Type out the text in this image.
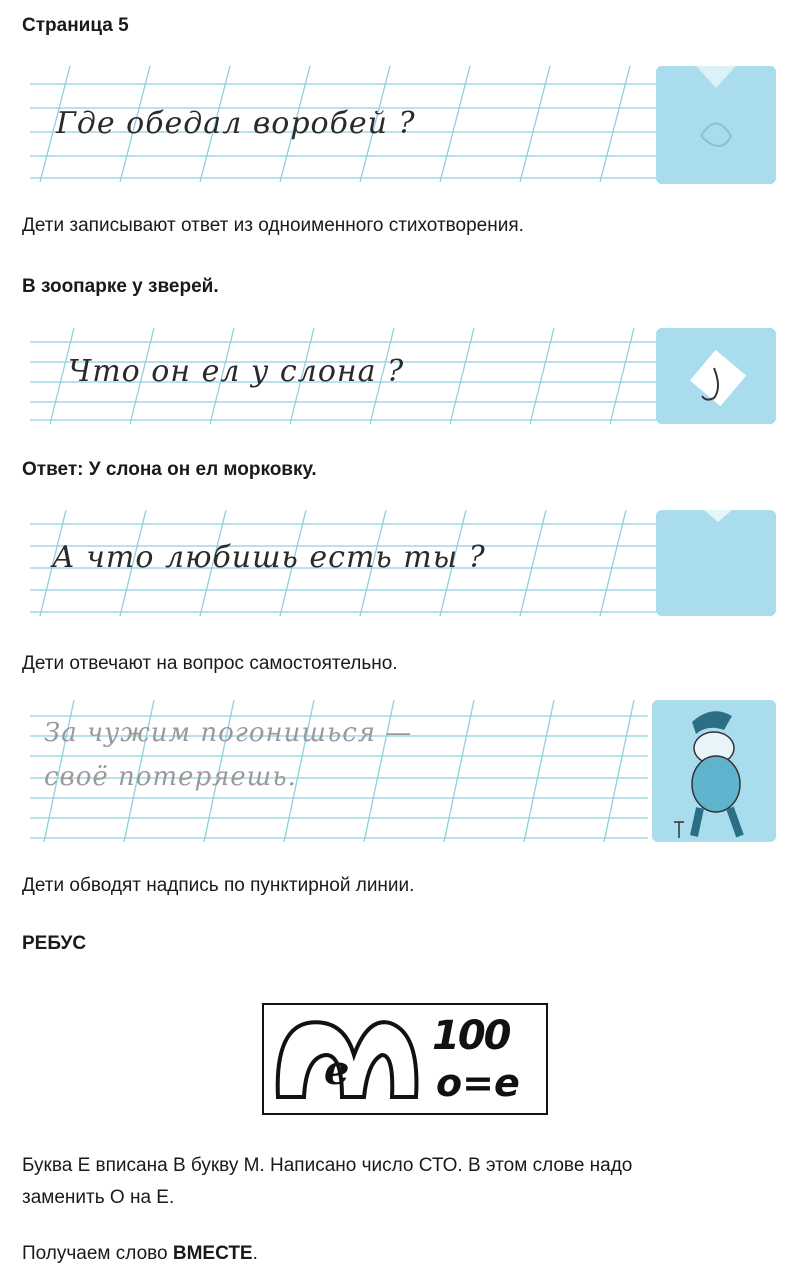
Страница 5
Где обедал воробей ?
Дети записывают ответ из одноименного стихотворения.
В зоопарке у зверей.
Что он ел у слона ?
Ответ: У слона он ел морковку.
А что любишь есть ты ?
Дети отвечают на вопрос самостоятельно.
За чужим погонишься —
своё потеряешь.
Дети обводят надпись по пунктирной линии.
РЕБУС
е
100
о=е
Буква Е вписана В букву М. Написано число СТО. В этом слове надо
заменить О на Е.
Получаем слово ВМЕСТЕ.
